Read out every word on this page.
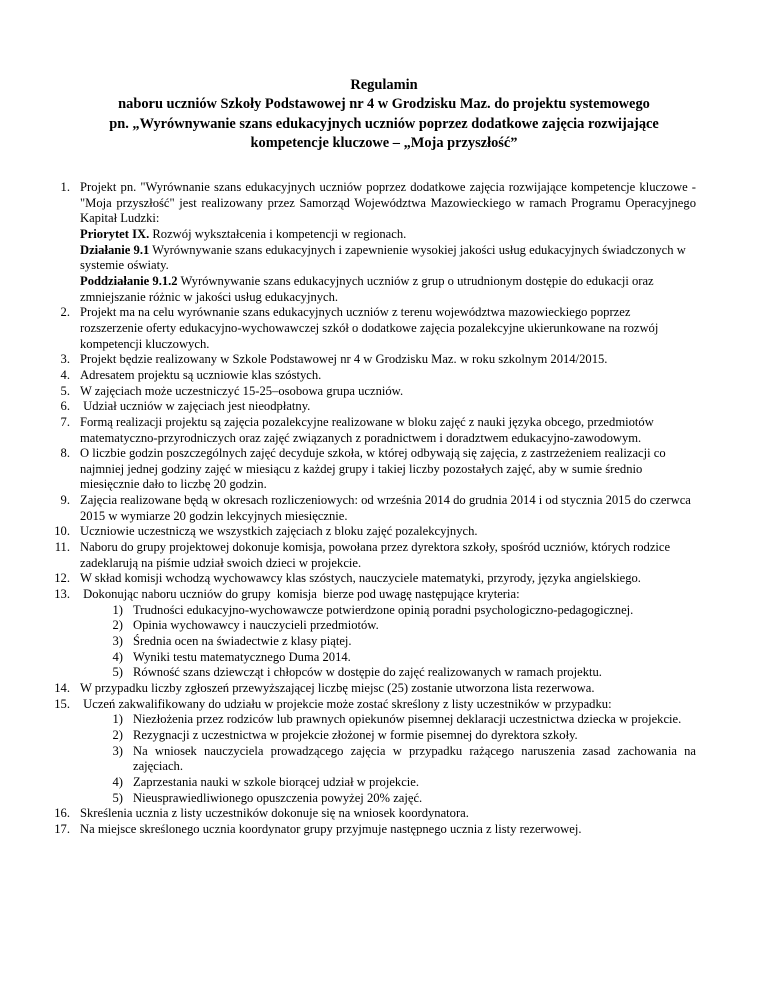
Regulamin
naboru uczniów Szkoły Podstawowej nr 4 w Grodzisku Maz. do projektu systemowego
pn. „Wyrównywanie szans edukacyjnych uczniów poprzez dodatkowe zajęcia rozwijające
kompetencje kluczowe – „Moja przyszłość”
1. Projekt pn. "Wyrównanie szans edukacyjnych uczniów poprzez dodatkowe zajęcia rozwijające kompetencje kluczowe - "Moja przyszłość" jest realizowany przez Samorząd Województwa Mazowieckiego w ramach Programu Operacyjnego Kapitał Ludzki:
Priorytet IX. Rozwój wykształcenia i kompetencji w regionach.
Działanie 9.1 Wyrównywanie szans edukacyjnych i zapewnienie wysokiej jakości usług edukacyjnych świadczonych w systemie oświaty.
Poddziałanie 9.1.2 Wyrównywanie szans edukacyjnych uczniów z grup o utrudnionym dostępie do edukacji oraz zmniejszanie różnic w jakości usług edukacyjnych.
2. Projekt ma na celu wyrównanie szans edukacyjnych uczniów z terenu województwa mazowieckiego poprzez rozszerzenie oferty edukacyjno-wychowawczej szkół o dodatkowe zajęcia pozalekcyjne ukierunkowane na rozwój kompetencji kluczowych.
3. Projekt będzie realizowany w Szkole Podstawowej nr 4 w Grodzisku Maz. w roku szkolnym 2014/2015.
4. Adresatem projektu są uczniowie klas szóstych.
5. W zajęciach może uczestniczyć 15-25–osobowa grupa uczniów.
6. Udział uczniów w zajęciach jest nieodpłatny.
7. Formą realizacji projektu są zajęcia pozalekcyjne realizowane w bloku zajęć z nauki języka obcego, przedmiotów matematyczno-przyrodniczych oraz zajęć związanych z poradnictwem i doradztwem edukacyjno-zawodowym.
8. O liczbie godzin poszczególnych zajęć decyduje szkoła, w której odbywają się zajęcia, z zastrzeżeniem realizacji co najmniej jednej godziny zajęć w miesiącu z każdej grupy i takiej liczby pozostałych zajęć, aby w sumie średnio miesięcznie dało to liczbę 20 godzin.
9. Zajęcia realizowane będą w okresach rozliczeniowych: od września 2014 do grudnia 2014 i od stycznia 2015 do czerwca 2015 w wymiarze 20 godzin lekcyjnych miesięcznie.
10. Uczniowie uczestniczą we wszystkich zajęciach z bloku zajęć pozalekcyjnych.
11. Naboru do grupy projektowej dokonuje komisja, powołana przez dyrektora szkoły, spośród uczniów, których rodzice zadeklarują na piśmie udział swoich dzieci w projekcie.
12. W skład komisji wchodzą wychowawcy klas szóstych, nauczyciele matematyki, przyrody, języka angielskiego.
13. Dokonując naboru uczniów do grupy  komisja  bierze pod uwagę następujące kryteria:
1) Trudności edukacyjno-wychowawcze potwierdzone opinią poradni psychologiczno-pedagogicznej.
2) Opinia wychowawcy i nauczycieli przedmiotów.
3) Średnia ocen na świadectwie z klasy piątej.
4) Wyniki testu matematycznego Duma 2014.
5) Równość szans dziewcząt i chłopców w dostępie do zajęć realizowanych w ramach projektu.
14. W przypadku liczby zgłoszeń przewyższającej liczbę miejsc (25) zostanie utworzona lista rezerwowa.
15. Uczeń zakwalifikowany do udziału w projekcie może zostać skreślony z listy uczestników w przypadku:
1) Niezłożenia przez rodziców lub prawnych opiekunów pisemnej deklaracji uczestnictwa dziecka w projekcie.
2) Rezygnacji z uczestnictwa w projekcie złożonej w formie pisemnej do dyrektora szkoły.
3) Na wniosek nauczyciela prowadzącego zajęcia w przypadku rażącego naruszenia zasad zachowania na zajęciach.
4) Zaprzestania nauki w szkole biorącej udział w projekcie.
5) Nieusprawiedliwionego opuszczenia powyżej 20% zajęć.
16. Skreślenia ucznia z listy uczestników dokonuje się na wniosek koordynatora.
17. Na miejsce skreślonego ucznia koordynator grupy przyjmuje następnego ucznia z listy rezerwowej.
